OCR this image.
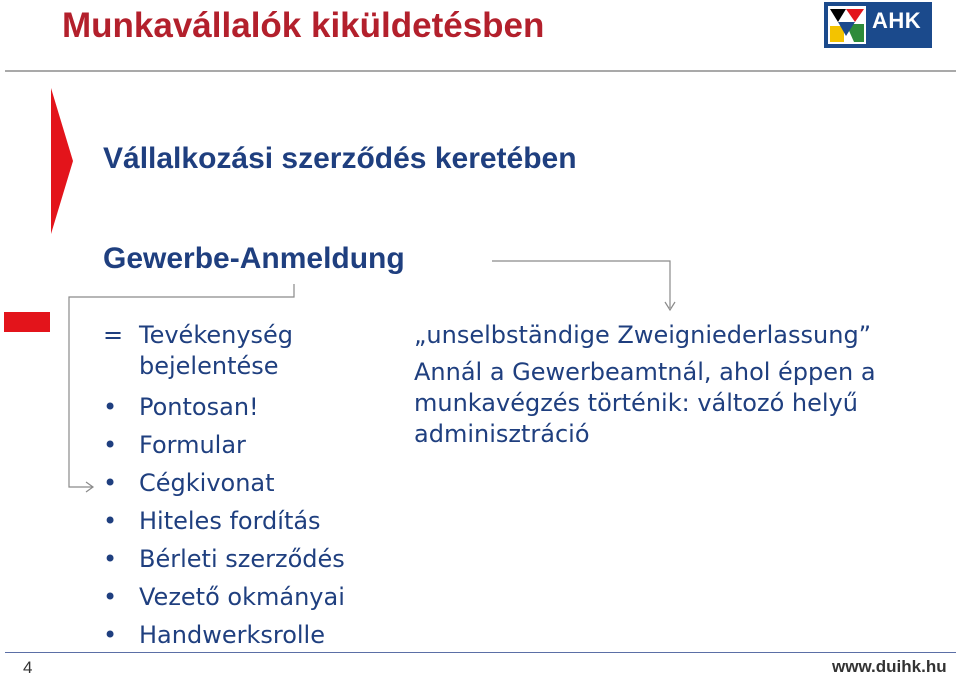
Munkavállalók kiküldetésben	AHK
Vállalkozási szerződés keretében
Gewerbe-Anmeldung
= Tevékenység
bejelentése
• Pontosan!
• Formular
• Cégkivonat
• Hiteles fordítás
• Bérleti szerződés
• Vezető okmányai
• Handwerksrolle
„unselbständige Zweigniederlassung”
Annál a Gewerbeamtnál, ahol éppen a munkavégzés történik: változó helyű adminisztráció
4	www.duihk.hu
